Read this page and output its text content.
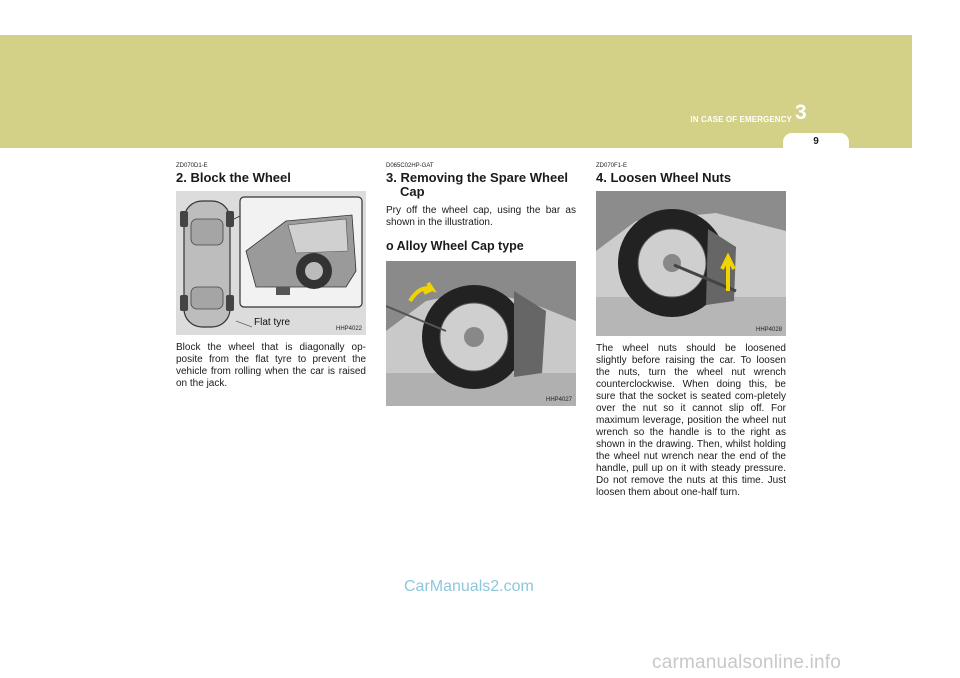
IN CASE OF EMERGENCY 3
9
ZD070D1-E
2. Block the Wheel
Flat tyre
HHP4022

Block the wheel that is diagonally op-posite from the flat tyre to prevent the vehicle from rolling when the car is raised on the jack.

D065C02HP-GAT
3. Removing the Spare Wheel
Cap

Pry off the wheel cap, using the bar as shown in the illustration.

o Alloy Wheel Cap type
HHP4027
ZD070F1-E
4. Loosen Wheel Nuts
HHP4028

The wheel nuts should be loosened slightly before raising the car. To loosen the nuts, turn the wheel nut wrench counterclockwise. When doing this, be sure that the socket is seated com-pletely over the nut so it cannot slip off. For maximum leverage, position the wheel nut wrench so the handle is to the right as shown in the drawing. Then, whilst holding the wheel nut wrench near the end of the handle, pull up on it with steady pressure. Do not remove the nuts at this time. Just loosen them about one-half turn.

CarManuals2.com
carmanualsonline.info
